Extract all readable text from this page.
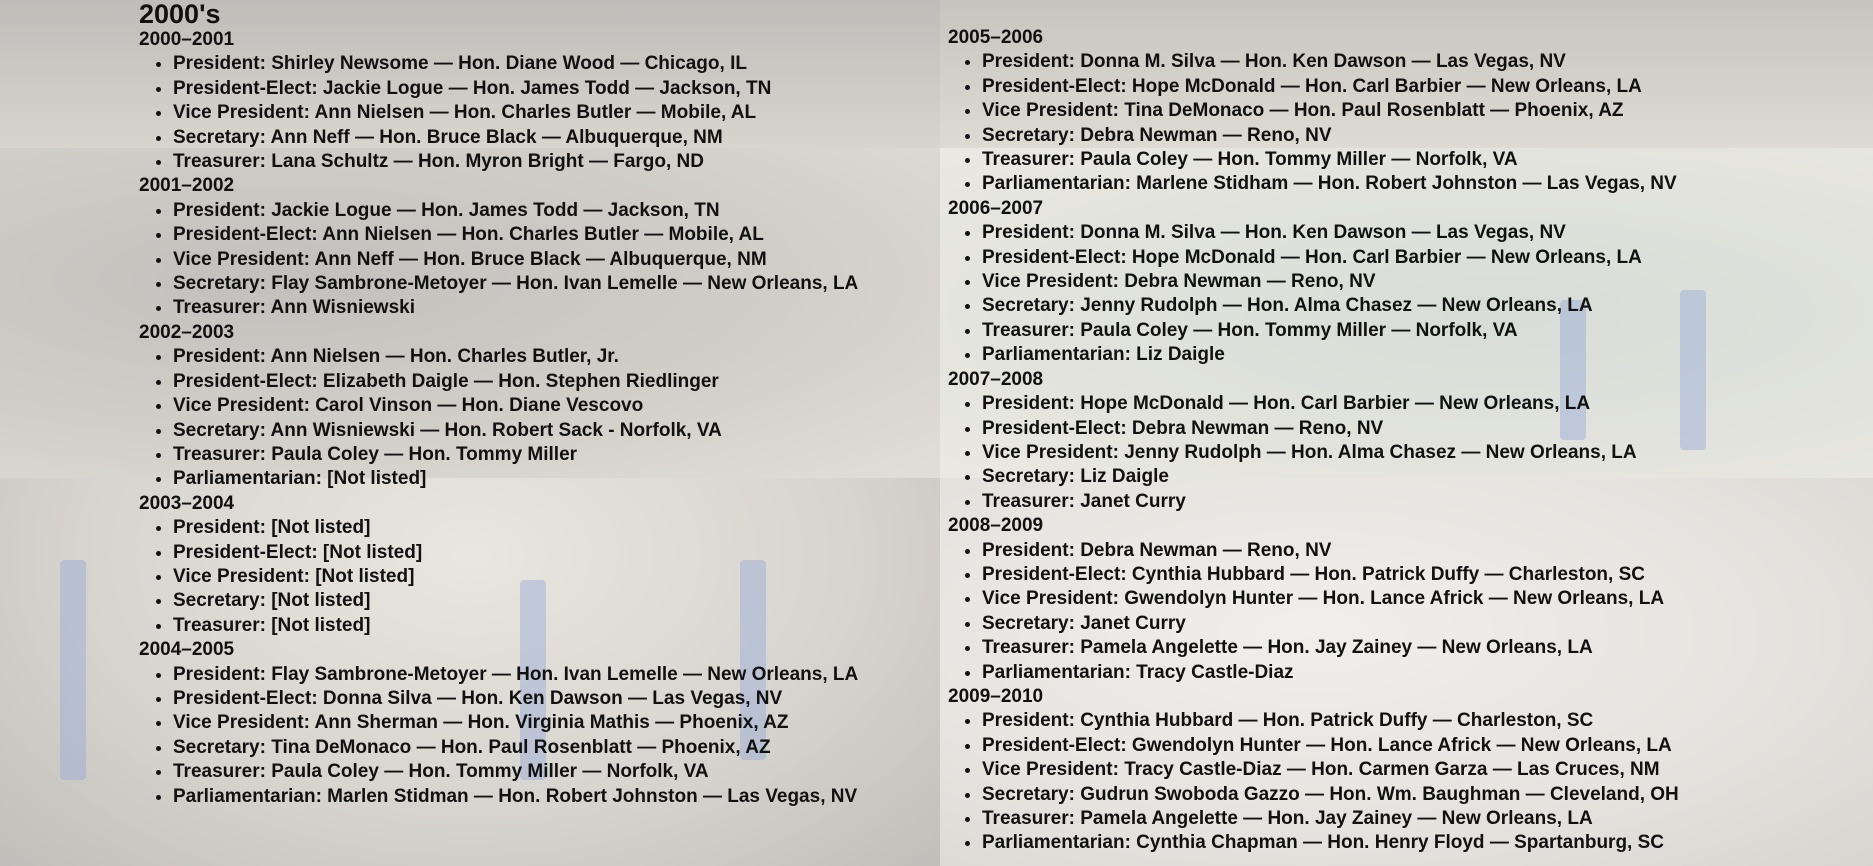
2000's
2000–2001
• President: Shirley Newsome — Hon. Diane Wood — Chicago, IL
• President-Elect: Jackie Logue — Hon. James Todd — Jackson, TN
• Vice President: Ann Nielsen — Hon. Charles Butler — Mobile, AL
• Secretary: Ann Neff — Hon. Bruce Black — Albuquerque, NM
• Treasurer: Lana Schultz — Hon. Myron Bright — Fargo, ND
2001–2002
• President: Jackie Logue — Hon. James Todd — Jackson, TN
• President-Elect: Ann Nielsen — Hon. Charles Butler — Mobile, AL
• Vice President: Ann Neff — Hon. Bruce Black — Albuquerque, NM
• Secretary: Flay Sambrone-Metoyer — Hon. Ivan Lemelle — New Orleans, LA
• Treasurer: Ann Wisniewski
2002–2003
• President: Ann Nielsen — Hon. Charles Butler, Jr.
• President-Elect: Elizabeth Daigle — Hon. Stephen Riedlinger
• Vice President: Carol Vinson — Hon. Diane Vescovo
• Secretary: Ann Wisniewski — Hon. Robert Sack - Norfolk, VA
• Treasurer: Paula Coley — Hon. Tommy Miller
• Parliamentarian: [Not listed]
2003–2004
• President: [Not listed]
• President-Elect: [Not listed]
• Vice President: [Not listed]
• Secretary: [Not listed]
• Treasurer: [Not listed]
2004–2005
• President: Flay Sambrone-Metoyer — Hon. Ivan Lemelle — New Orleans, LA
• President-Elect: Donna Silva — Hon. Ken Dawson — Las Vegas, NV
• Vice President: Ann Sherman — Hon. Virginia Mathis — Phoenix, AZ
• Secretary: Tina DeMonaco — Hon. Paul Rosenblatt — Phoenix, AZ
• Treasurer: Paula Coley — Hon. Tommy Miller — Norfolk, VA
• Parliamentarian: Marlen Stidman — Hon. Robert Johnston — Las Vegas, NV
2005–2006
• President: Donna M. Silva — Hon. Ken Dawson — Las Vegas, NV
• President-Elect: Hope McDonald — Hon. Carl Barbier — New Orleans, LA
• Vice President: Tina DeMonaco — Hon. Paul Rosenblatt — Phoenix, AZ
• Secretary: Debra Newman — Reno, NV
• Treasurer: Paula Coley — Hon. Tommy Miller — Norfolk, VA
• Parliamentarian: Marlene Stidham — Hon. Robert Johnston — Las Vegas, NV
2006–2007
• President: Donna M. Silva — Hon. Ken Dawson — Las Vegas, NV
• President-Elect: Hope McDonald — Hon. Carl Barbier — New Orleans, LA
• Vice President: Debra Newman — Reno, NV
• Secretary: Jenny Rudolph — Hon. Alma Chasez — New Orleans, LA
• Treasurer: Paula Coley — Hon. Tommy Miller — Norfolk, VA
• Parliamentarian: Liz Daigle
2007–2008
• President: Hope McDonald — Hon. Carl Barbier — New Orleans, LA
• President-Elect: Debra Newman — Reno, NV
• Vice President: Jenny Rudolph — Hon. Alma Chasez — New Orleans, LA
• Secretary: Liz Daigle
• Treasurer: Janet Curry
2008–2009
• President: Debra Newman — Reno, NV
• President-Elect: Cynthia Hubbard — Hon. Patrick Duffy — Charleston, SC
• Vice President: Gwendolyn Hunter — Hon. Lance Africk — New Orleans, LA
• Secretary: Janet Curry
• Treasurer: Pamela Angelette — Hon. Jay Zainey — New Orleans, LA
• Parliamentarian: Tracy Castle-Diaz
2009–2010
• President: Cynthia Hubbard — Hon. Patrick Duffy — Charleston, SC
• President-Elect: Gwendolyn Hunter — Hon. Lance Africk — New Orleans, LA
• Vice President: Tracy Castle-Diaz — Hon. Carmen Garza — Las Cruces, NM
• Secretary: Gudrun Swoboda Gazzo — Hon. Wm. Baughman — Cleveland, OH
• Treasurer: Pamela Angelette — Hon. Jay Zainey — New Orleans, LA
• Parliamentarian: Cynthia Chapman — Hon. Henry Floyd — Spartanburg, SC
